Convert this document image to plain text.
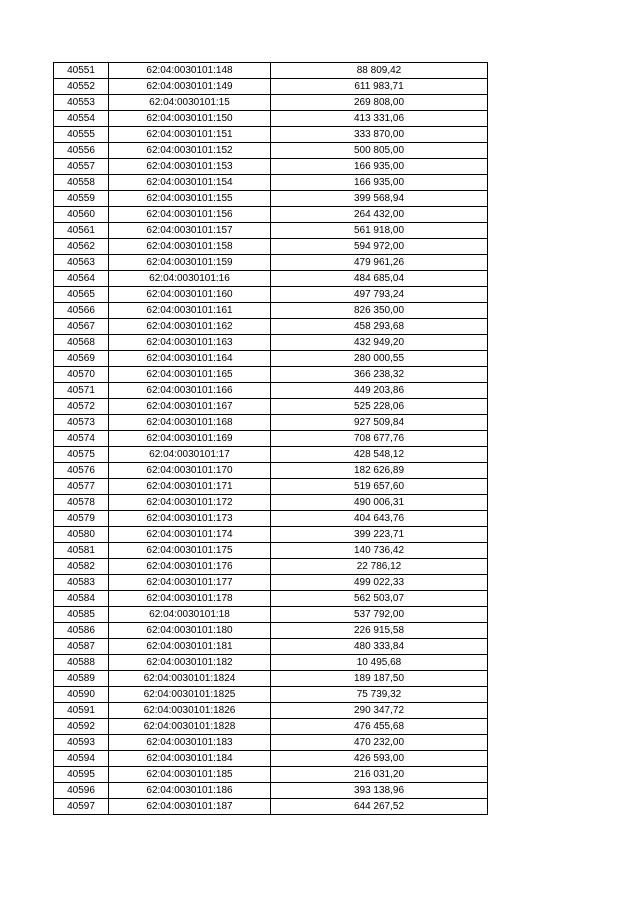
40551	62:04:0030101:148	88 809,42
40552	62:04:0030101:149	611 983,71
40553	62:04:0030101:15	269 808,00
40554	62:04:0030101:150	413 331,06
40555	62:04:0030101:151	333 870,00
40556	62:04:0030101:152	500 805,00
40557	62:04:0030101:153	166 935,00
40558	62:04:0030101:154	166 935,00
40559	62:04:0030101:155	399 568,94
40560	62:04:0030101:156	264 432,00
40561	62:04:0030101:157	561 918,00
40562	62:04:0030101:158	594 972,00
40563	62:04:0030101:159	479 961,26
40564	62:04:0030101:16	484 685,04
40565	62:04:0030101:160	497 793,24
40566	62:04:0030101:161	826 350,00
40567	62:04:0030101:162	458 293,68
40568	62:04:0030101:163	432 949,20
40569	62:04:0030101:164	280 000,55
40570	62:04:0030101:165	366 238,32
40571	62:04:0030101:166	449 203,86
40572	62:04:0030101:167	525 228,06
40573	62:04:0030101:168	927 509,84
40574	62:04:0030101:169	708 677,76
40575	62:04:0030101:17	428 548,12
40576	62:04:0030101:170	182 626,89
40577	62:04:0030101:171	519 657,60
40578	62:04:0030101:172	490 006,31
40579	62:04:0030101:173	404 643,76
40580	62:04:0030101:174	399 223,71
40581	62:04:0030101:175	140 736,42
40582	62:04:0030101:176	22 786,12
40583	62:04:0030101:177	499 022,33
40584	62:04:0030101:178	562 503,07
40585	62:04:0030101:18	537 792,00
40586	62:04:0030101:180	226 915,58
40587	62:04:0030101:181	480 333,84
40588	62:04:0030101:182	10 495,68
40589	62:04:0030101:1824	189 187,50
40590	62:04:0030101:1825	75 739,32
40591	62:04:0030101:1826	290 347,72
40592	62:04:0030101:1828	476 455,68
40593	62:04:0030101:183	470 232,00
40594	62:04:0030101:184	426 593,00
40595	62:04:0030101:185	216 031,20
40596	62:04:0030101:186	393 138,96
40597	62:04:0030101:187	644 267,52
